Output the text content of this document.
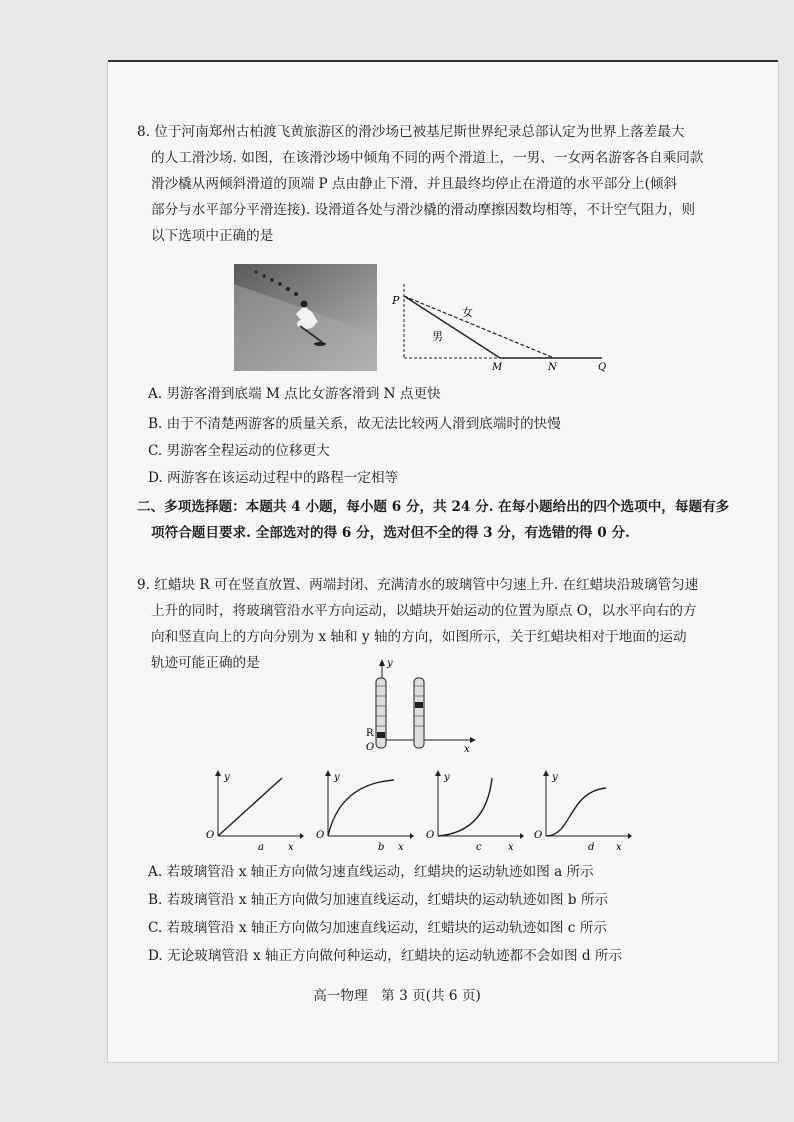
8. 位于河南郑州古柏渡飞黄旅游区的滑沙场已被基尼斯世界纪录总部认定为世界上落差最大
的人工滑沙场. 如图，在该滑沙场中倾角不同的两个滑道上，一男、一女两名游客各自乘同款
滑沙橇从两倾斜滑道的顶端 P 点由静止下滑，并且最终均停止在滑道的水平部分上(倾斜
部分与水平部分平滑连接). 设滑道各处与滑沙橇的滑动摩擦因数均相等，不计空气阻力，则
以下选项中正确的是
P
女
男
M	N	Q
A. 男游客滑到底端 M 点比女游客滑到 N 点更快
B. 由于不清楚两游客的质量关系，故无法比较两人滑到底端时的快慢
C. 男游客全程运动的位移更大
D. 两游客在该运动过程中的路程一定相等
二、多项选择题：本题共 4 小题，每小题 6 分，共 24 分. 在每小题给出的四个选项中，每题有多
项符合题目要求. 全部选对的得 6 分，选对但不全的得 3 分，有选错的得 0 分.
9. 红蜡块 R 可在竖直放置、两端封闭、充满清水的玻璃管中匀速上升. 在红蜡块沿玻璃管匀速
上升的同时，将玻璃管沿水平方向运动，以蜡块开始运动的位置为原点 O，以水平向右的方
向和竖直向上的方向分别为 x 轴和 y 轴的方向，如图所示，关于红蜡块相对于地面的运动
轨迹可能正确的是	y
x
R
O
y
O
x
a
y
O
x
b
y
O
x
c
y
O
x
d
A. 若玻璃管沿 x 轴正方向做匀速直线运动，红蜡块的运动轨迹如图 a 所示
B. 若玻璃管沿 x 轴正方向做匀加速直线运动，红蜡块的运动轨迹如图 b 所示
C. 若玻璃管沿 x 轴正方向做匀加速直线运动，红蜡块的运动轨迹如图 c 所示
D. 无论玻璃管沿 x 轴正方向做何种运动，红蜡块的运动轨迹都不会如图 d 所示
高一物理　第 3 页(共 6 页)
